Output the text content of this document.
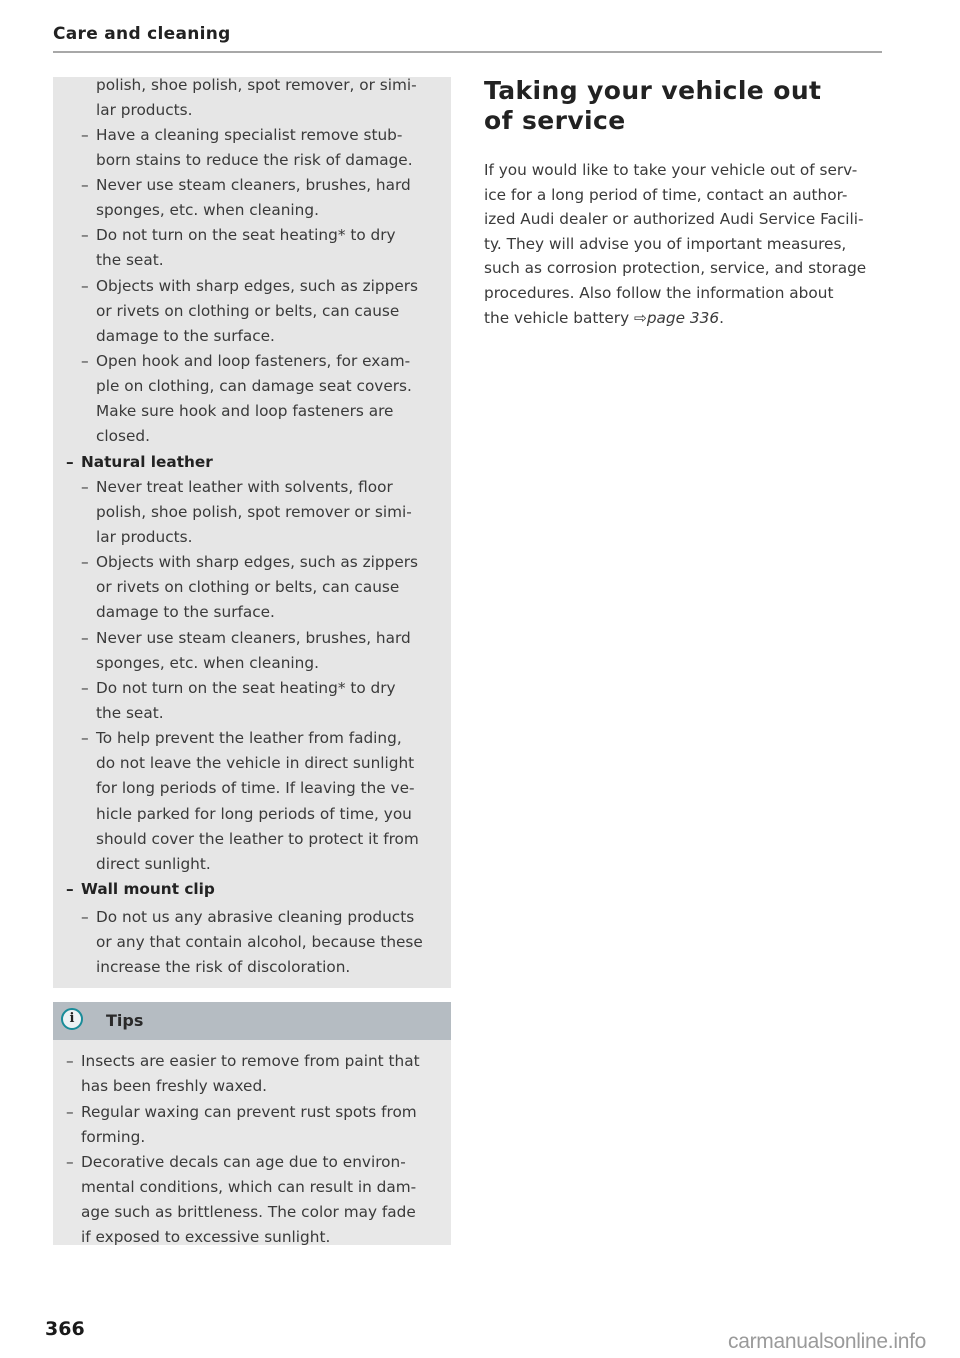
Care and cleaning
polish, shoe polish, spot remover, or simi-
lar products.
– Have a cleaning specialist remove stub-
born stains to reduce the risk of damage.
– Never use steam cleaners, brushes, hard
sponges, etc. when cleaning.
– Do not turn on the seat heating* to dry
the seat.
– Objects with sharp edges, such as zippers
or rivets on clothing or belts, can cause
damage to the surface.
– Open hook and loop fasteners, for exam-
ple on clothing, can damage seat covers.
Make sure hook and loop fasteners are
closed.
– Natural leather
– Never treat leather with solvents, floor
polish, shoe polish, spot remover or simi-
lar products.
– Objects with sharp edges, such as zippers
or rivets on clothing or belts, can cause
damage to the surface.
– Never use steam cleaners, brushes, hard
sponges, etc. when cleaning.
– Do not turn on the seat heating* to dry
the seat.
– To help prevent the leather from fading,
do not leave the vehicle in direct sunlight
for long periods of time. If leaving the ve-
hicle parked for long periods of time, you
should cover the leather to protect it from
direct sunlight.
– Wall mount clip
– Do not us any abrasive cleaning products
or any that contain alcohol, because these
increase the risk of discoloration.
i	Tips
– Insects are easier to remove from paint that
has been freshly waxed.
– Regular waxing can prevent rust spots from
forming.
– Decorative decals can age due to environ-
mental conditions, which can result in dam-
age such as brittleness. The color may fade
if exposed to excessive sunlight.
Taking your vehicle out
of service
If you would like to take your vehicle out of serv-
ice for a long period of time, contact an author-
ized Audi dealer or authorized Audi Service Facili-
ty. They will advise you of important measures,
such as corrosion protection, service, and storage
procedures. Also follow the information about
the vehicle battery ⇨page 336.
366
carmanualsonline.info
